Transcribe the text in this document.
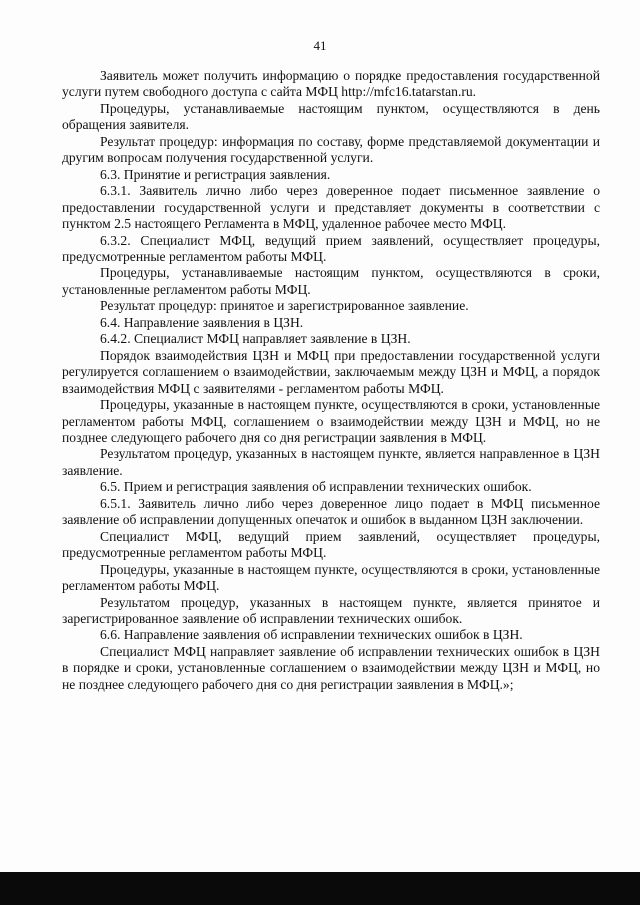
41

Заявитель может получить информацию о порядке предоставления государственной услуги путем свободного доступа с сайта МФЦ http://mfc16.tatarstan.ru.

Процедуры, устанавливаемые настоящим пунктом, осуществляются в день обращения заявителя.

Результат процедур: информация по составу, форме представляемой документации и другим вопросам получения государственной услуги.

6.3. Принятие и регистрация заявления.

6.3.1. Заявитель лично либо через доверенное подает письменное заявление о предоставлении государственной услуги и представляет документы в соответствии с пунктом 2.5 настоящего Регламента в МФЦ, удаленное рабочее место МФЦ.

6.3.2. Специалист МФЦ, ведущий прием заявлений, осуществляет процедуры, предусмотренные регламентом работы МФЦ.

Процедуры, устанавливаемые настоящим пунктом, осуществляются в сроки, установленные регламентом работы МФЦ.

Результат процедур: принятое и зарегистрированное заявление.

6.4. Направление заявления в ЦЗН.

6.4.2. Специалист МФЦ направляет заявление в ЦЗН.

Порядок взаимодействия ЦЗН и МФЦ при предоставлении государственной услуги регулируется соглашением о взаимодействии, заключаемым между ЦЗН и МФЦ, а порядок взаимодействия МФЦ с заявителями - регламентом работы МФЦ.

Процедуры, указанные в настоящем пункте, осуществляются в сроки, установленные регламентом работы МФЦ, соглашением о взаимодействии между ЦЗН и МФЦ, но не позднее следующего рабочего дня со дня регистрации заявления в МФЦ.

Результатом процедур, указанных в настоящем пункте, является направленное в ЦЗН заявление.

6.5. Прием и регистрация заявления об исправлении технических ошибок.

6.5.1. Заявитель лично либо через доверенное лицо подает в МФЦ письменное заявление об исправлении допущенных опечаток и ошибок в выданном ЦЗН заключении.

Специалист МФЦ, ведущий прием заявлений, осуществляет процедуры, предусмотренные регламентом работы МФЦ.

Процедуры, указанные в настоящем пункте, осуществляются в сроки, установленные регламентом работы МФЦ.

Результатом процедур, указанных в настоящем пункте, является принятое и зарегистрированное заявление об исправлении технических ошибок.

6.6. Направление заявления об исправлении технических ошибок в ЦЗН.

Специалист МФЦ направляет заявление об исправлении технических ошибок в ЦЗН в порядке и сроки, установленные соглашением о взаимодействии между ЦЗН и МФЦ, но не позднее следующего рабочего дня со дня регистрации заявления в МФЦ.»;
